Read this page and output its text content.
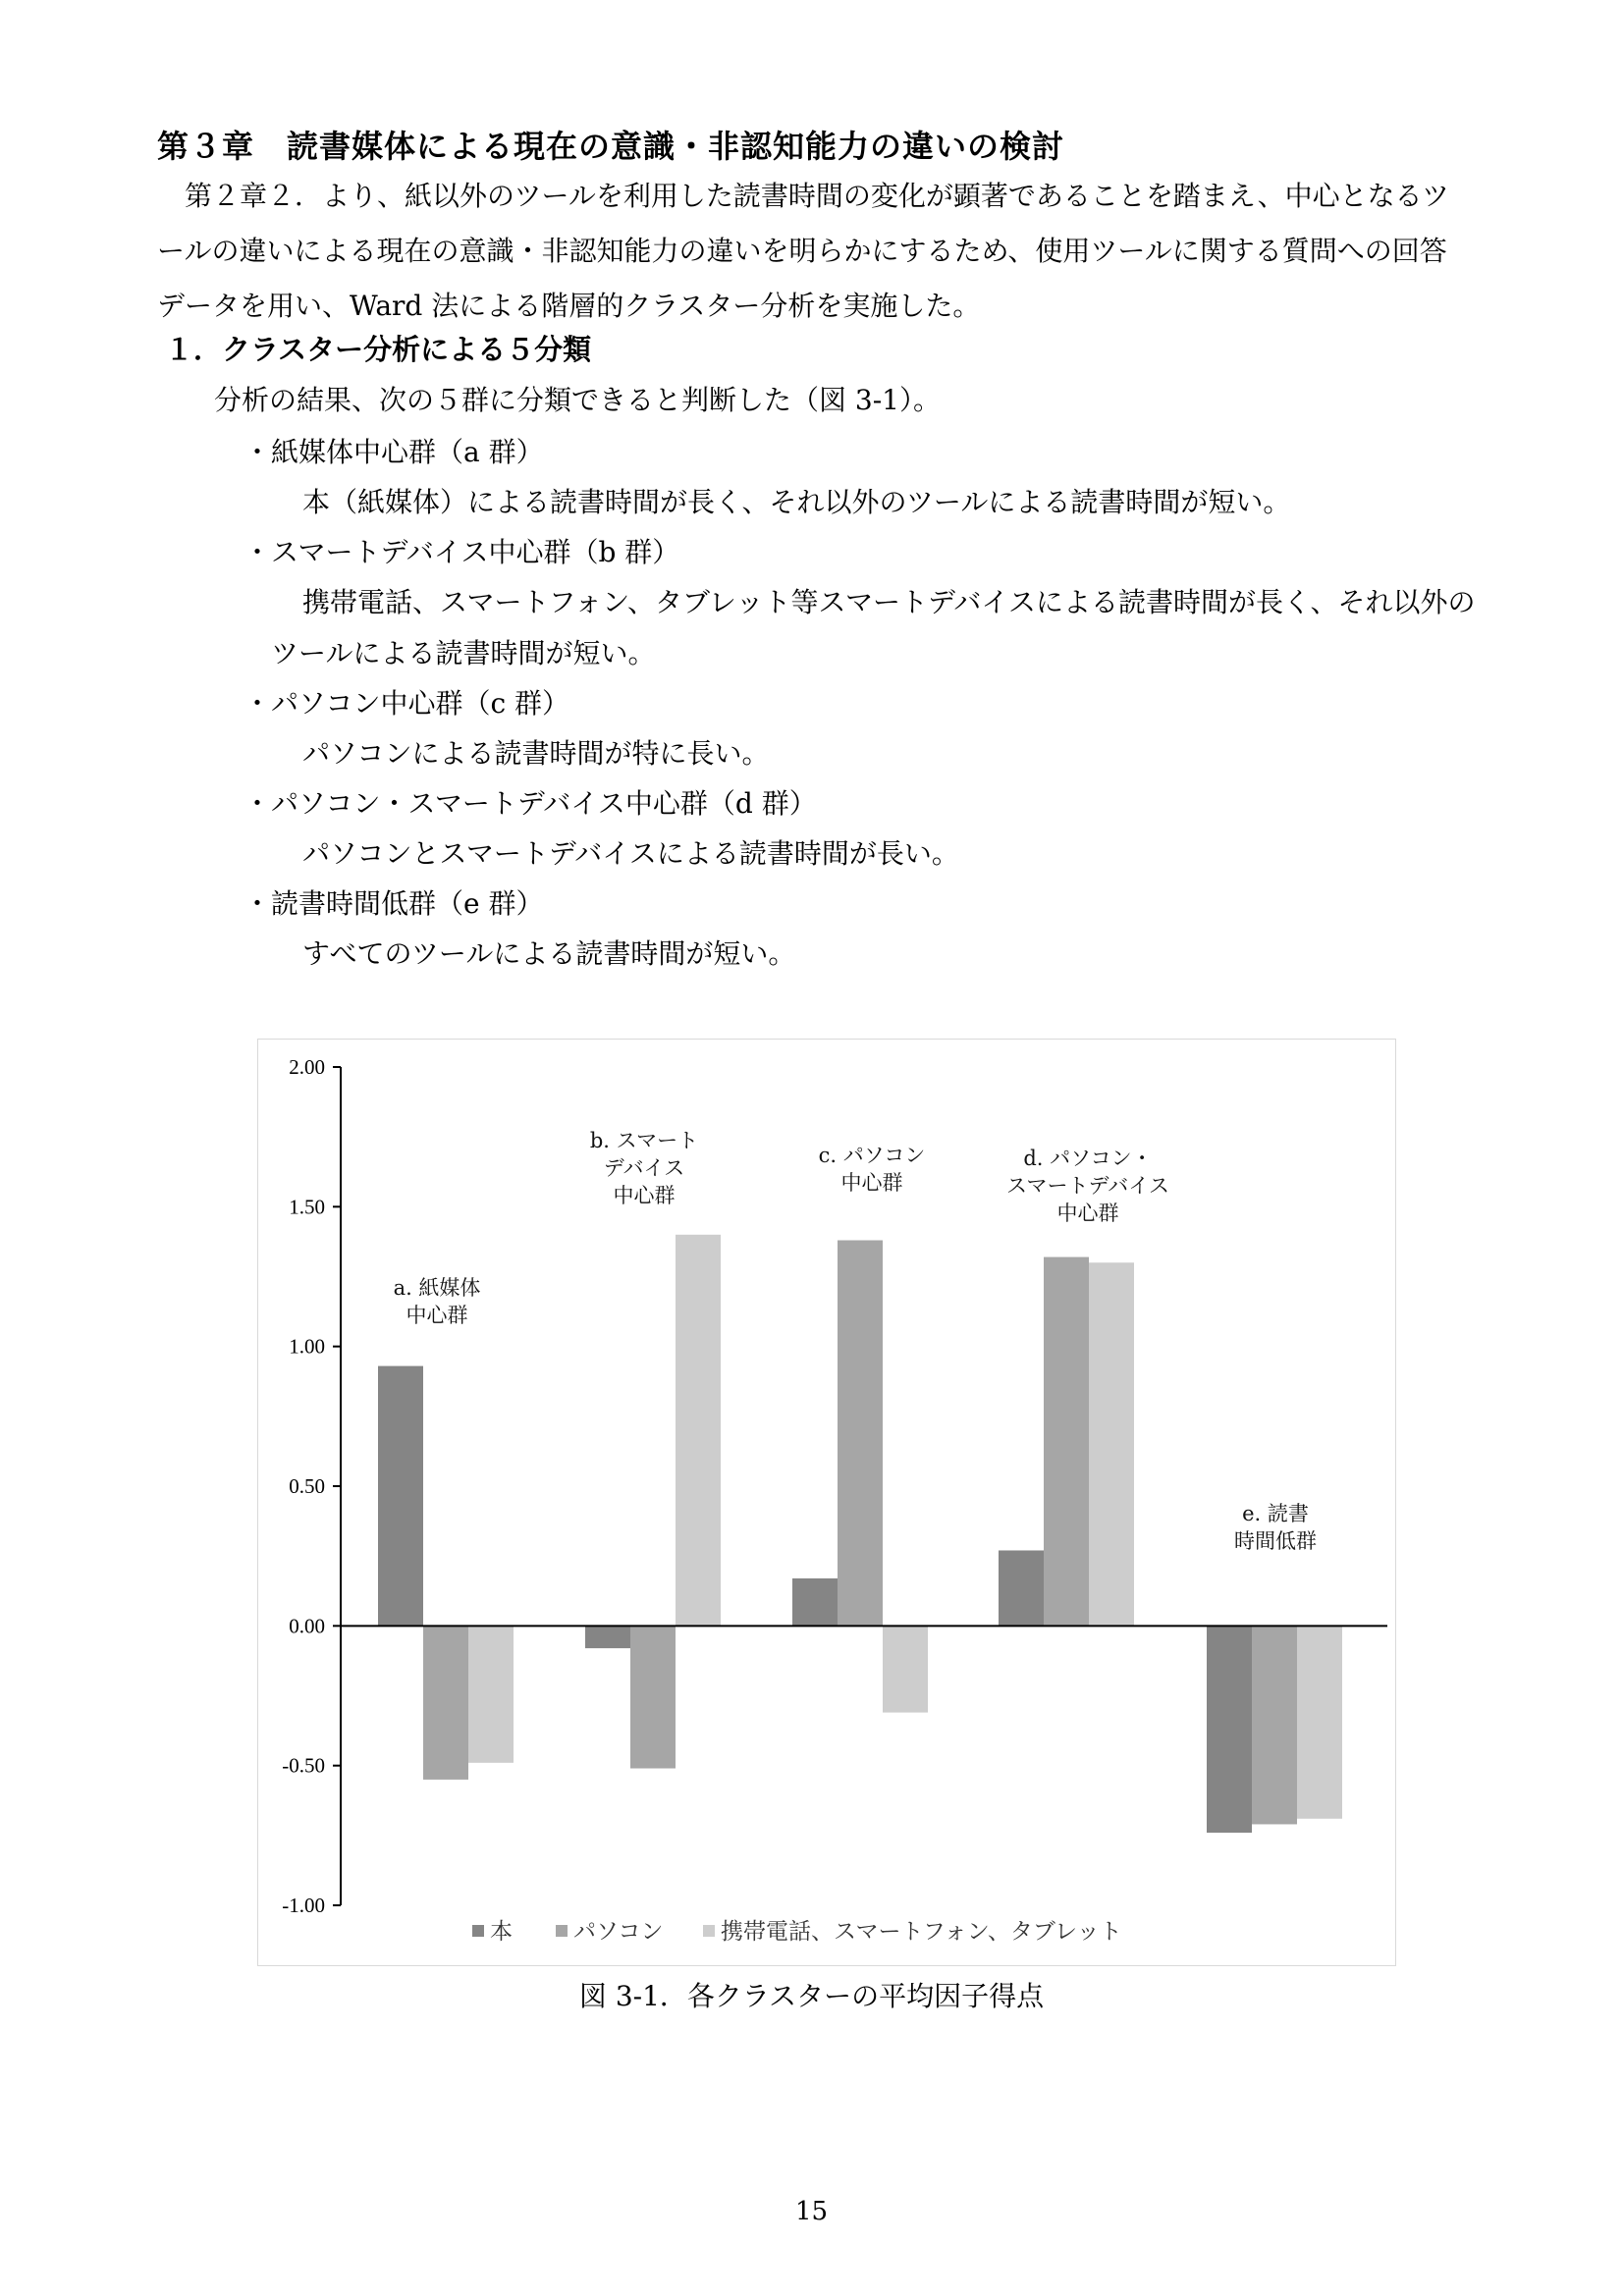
第３章　読書媒体による現在の意識・非認知能力の違いの検討
第２章２．より、紙以外のツールを利用した読書時間の変化が顕著であることを踏まえ、中心となるツールの違いによる現在の意識・非認知能力の違いを明らかにするため、使用ツールに関する質問への回答データを用い、Ward 法による階層的クラスター分析を実施した。
１．クラスター分析による５分類
分析の結果、次の５群に分類できると判断した（図 3-1）。
・紙媒体中心群（a 群）
本（紙媒体）による読書時間が長く、それ以外のツールによる読書時間が短い。
・スマートデバイス中心群（b 群）
携帯電話、スマートフォン、タブレット等スマートデバイスによる読書時間が長く、それ以外のツールによる読書時間が短い。
・パソコン中心群（c 群）
パソコンによる読書時間が特に長い。
・パソコン・スマートデバイス中心群（d 群）
パソコンとスマートデバイスによる読書時間が長い。
・読書時間低群（e 群）
すべてのツールによる読書時間が短い。
2.00
1.50
1.00
0.50
0.00
-0.50
-1.00
a. 紙媒体
中心群
b. スマート
デバイス
中心群
c. パソコン
中心群
d. パソコン・
スマートデバイス
中心群
e. 読書
時間低群
本	パソコン	携帯電話、スマートフォン、タブレット
図 3-1．各クラスターの平均因子得点
15
